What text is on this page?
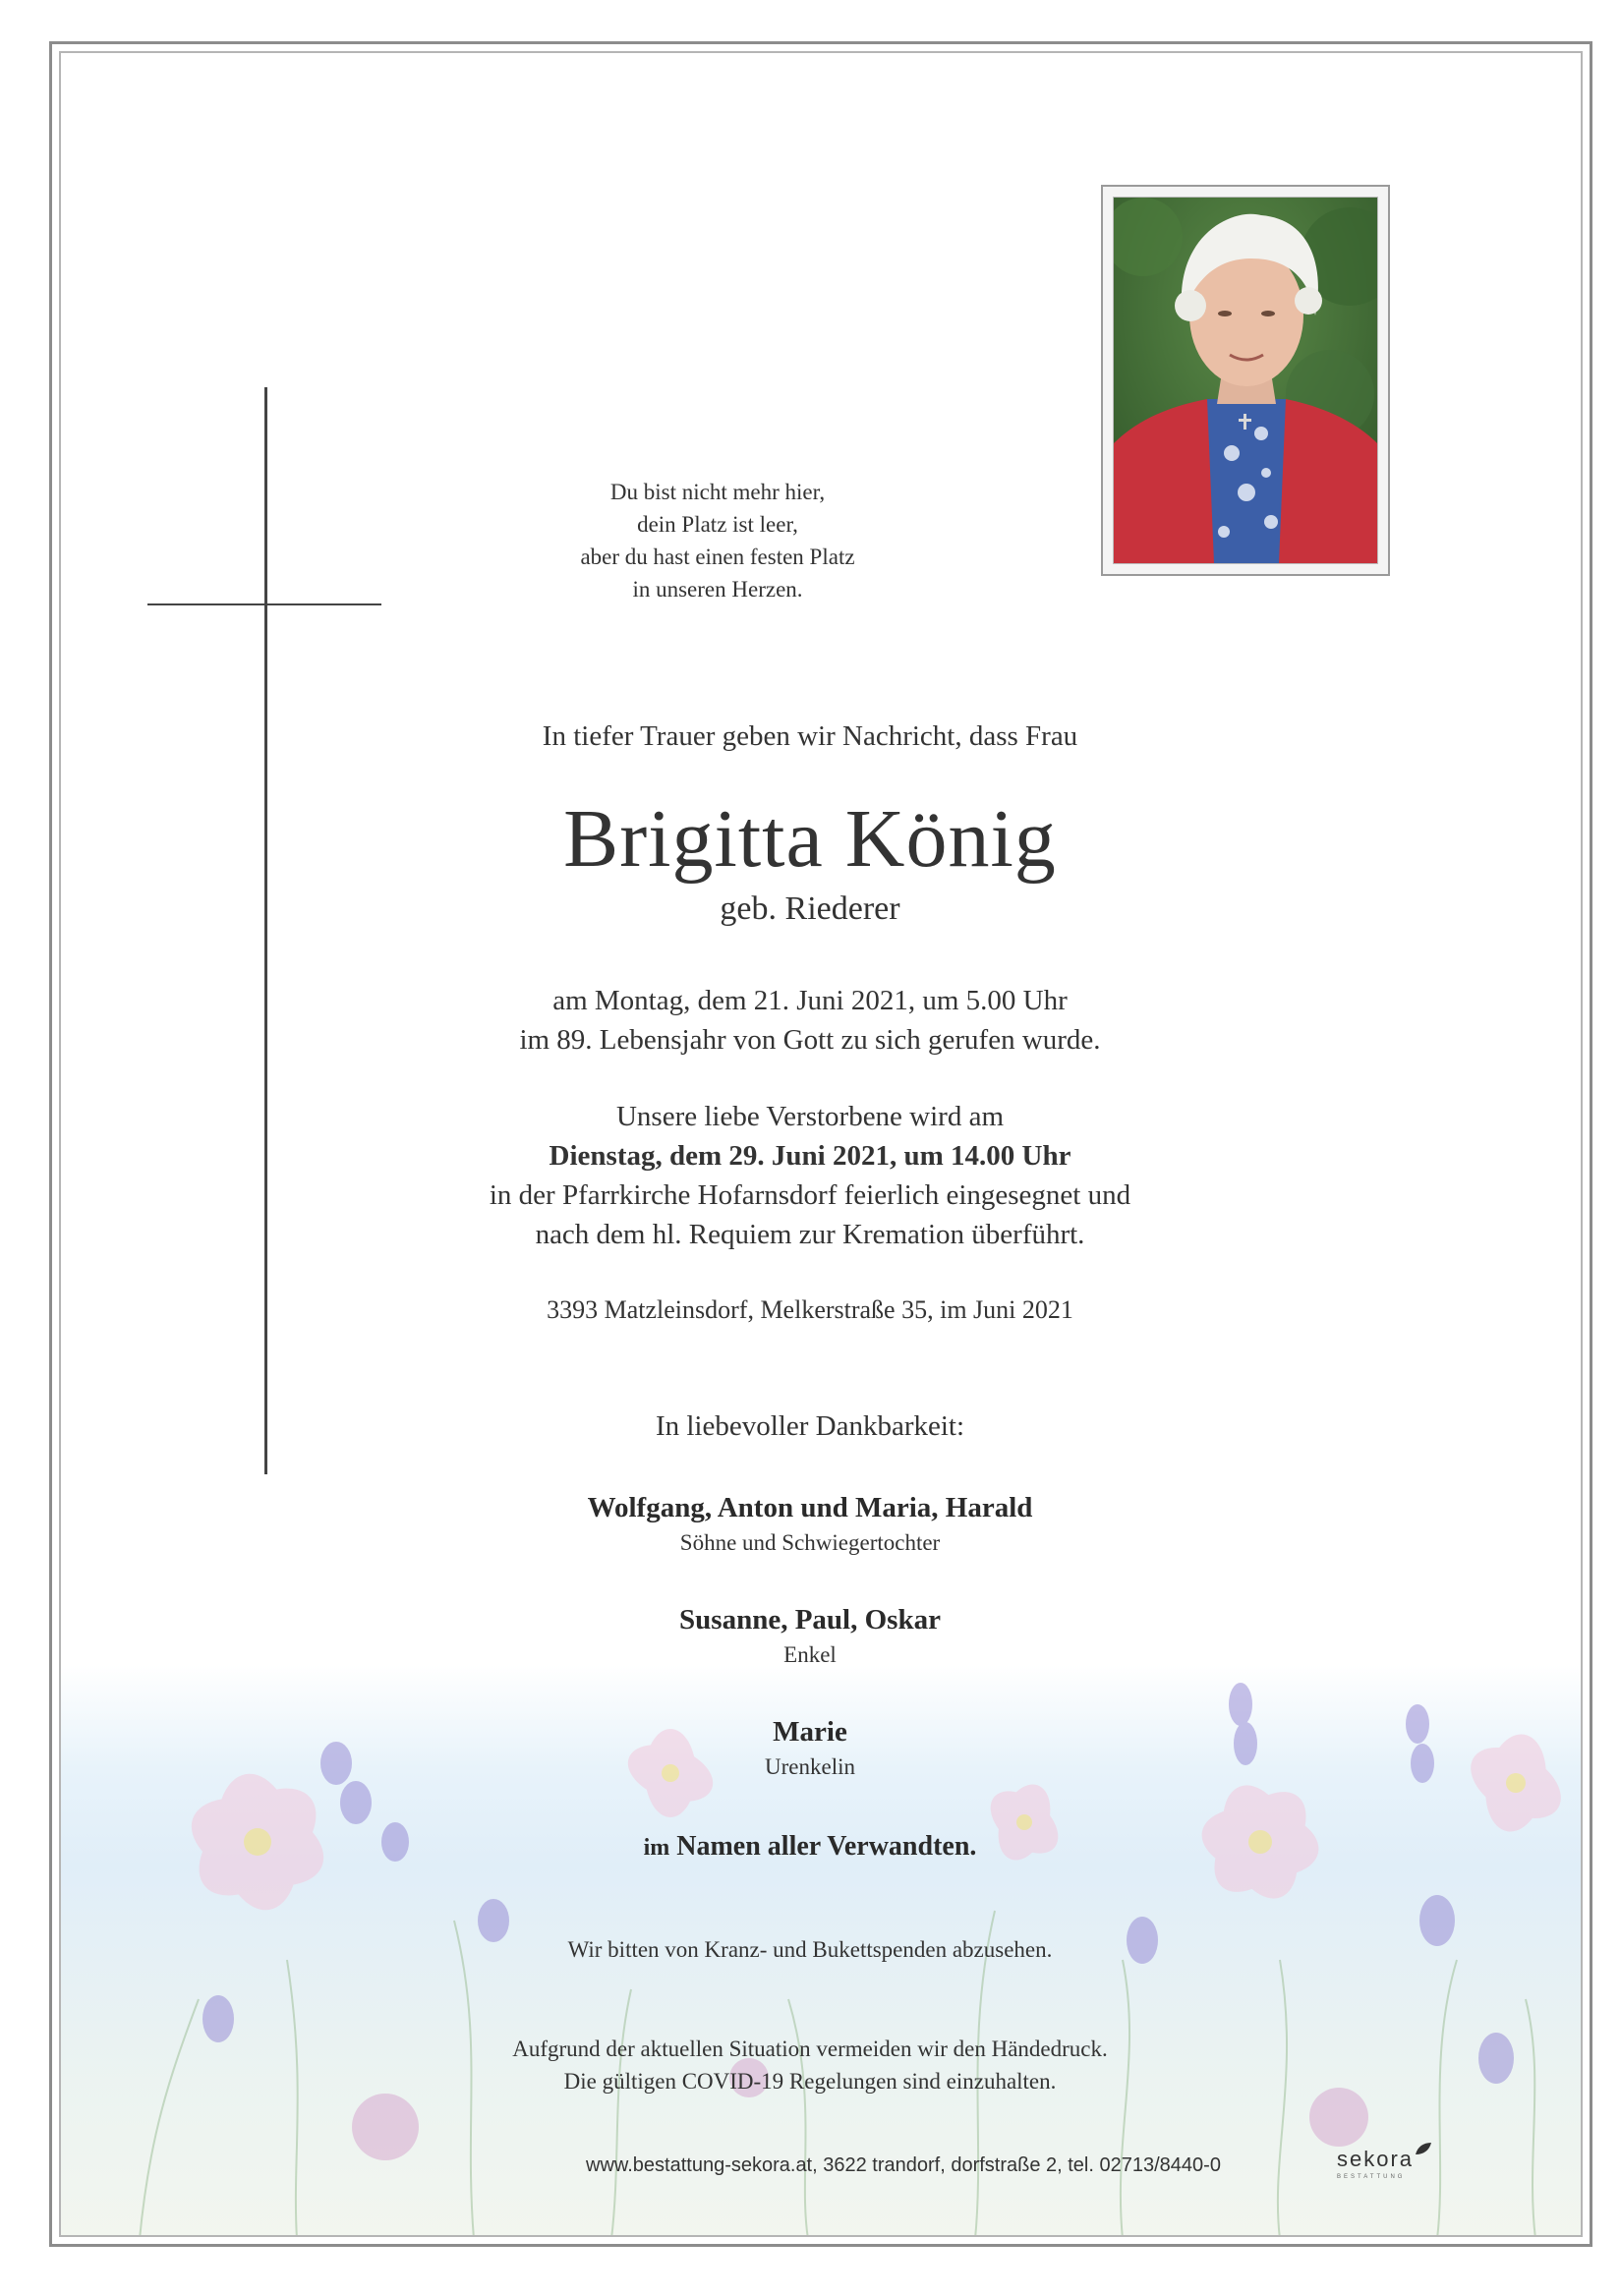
Du bist nicht mehr hier,
dein Platz ist leer,
aber du hast einen festen Platz
in unseren Herzen.
In tiefer Trauer geben wir Nachricht, dass Frau
Brigitta König
geb. Riederer
am Montag, dem 21. Juni 2021, um 5.00 Uhr
im 89. Lebensjahr von Gott zu sich gerufen wurde.
Unsere liebe Verstorbene wird am
Dienstag, dem 29. Juni 2021, um 14.00 Uhr
in der Pfarrkirche Hofarnsdorf feierlich eingesegnet und
nach dem hl. Requiem zur Kremation überführt.
3393 Matzleinsdorf, Melkerstraße 35, im Juni 2021
In liebevoller Dankbarkeit:
Wolfgang, Anton und Maria, Harald
Söhne und Schwiegertochter
Susanne, Paul, Oskar
Enkel
Marie
Urenkelin
im Namen aller Verwandten.
Wir bitten von Kranz- und Bukettspenden abzusehen.
Aufgrund der aktuellen Situation vermeiden wir den Händedruck.
Die gültigen COVID-19 Regelungen sind einzuhalten.
www.bestattung-sekora.at, 3622 trandorf, dorfstraße 2, tel. 02713/8440-0	sekora
BESTATTUNG
